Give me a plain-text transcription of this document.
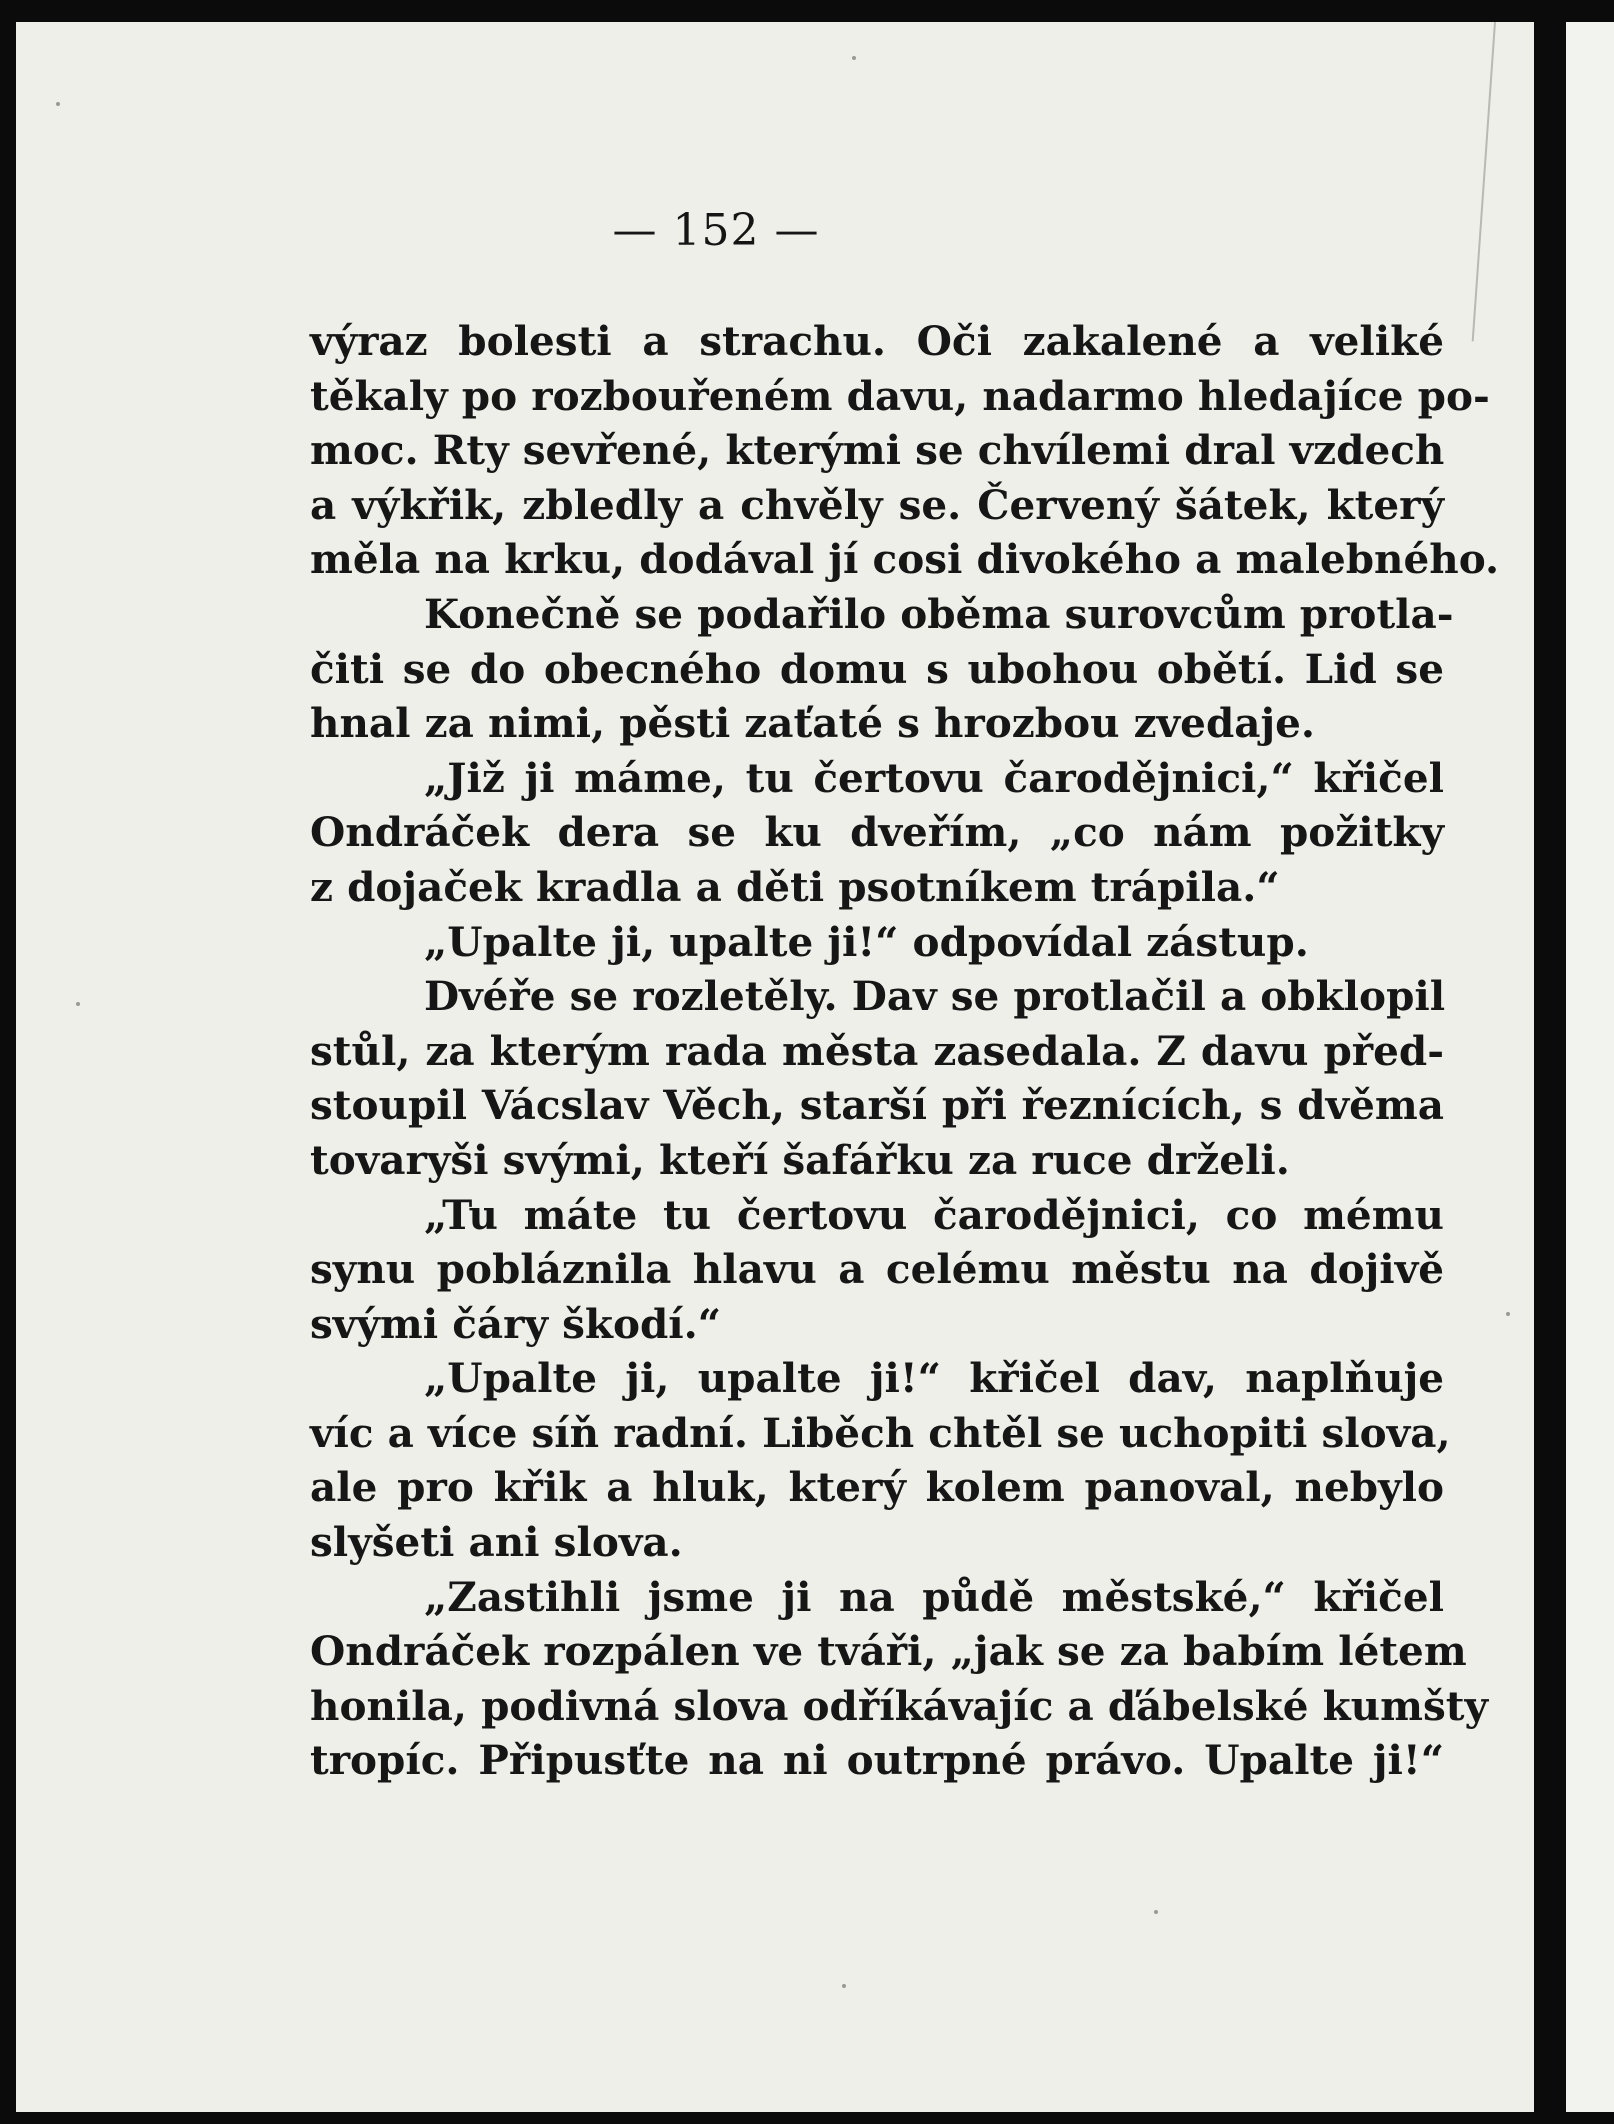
— 152 —
výraz bolesti a strachu. Oči zakalené a veliké
těkaly po rozbouřeném davu, nadarmo hledajíce po-
moc. Rty sevřené, kterými se chvílemi dral vzdech
a výkřik, zbledly a chvěly se. Červený šátek, který
měla na krku, dodával jí cosi divokého a malebného.
Konečně se podařilo oběma surovcům protla-
čiti se do obecného domu s ubohou obětí. Lid se
hnal za nimi, pěsti zaťaté s hrozbou zvedaje.
„Již ji máme, tu čertovu čarodějnici,“ křičel
Ondráček dera se ku dveřím, „co nám požitky
z dojaček kradla a děti psotníkem trápila.“
„Upalte ji, upalte ji!“ odpovídal zástup.
Dvéře se rozletěly. Dav se protlačil a obklopil
stůl, za kterým rada města zasedala. Z davu před-
stoupil Vácslav Věch, starší při řeznících, s dvěma
tovaryši svými, kteří šafářku za ruce drželi.
„Tu máte tu čertovu čarodějnici, co mému
synu pobláznila hlavu a celému městu na dojivě
svými čáry škodí.“
„Upalte ji, upalte ji!“ křičel dav, naplňuje
víc a více síň radní. Liběch chtěl se uchopiti slova,
ale pro křik a hluk, který kolem panoval, nebylo
slyšeti ani slova.
„Zastihli jsme ji na půdě městské,“ křičel
Ondráček rozpálen ve tváři, „jak se za babím létem
honila, podivná slova odříkávajíc a ďábelské kumšty
tropíc. Připusťte na ni outrpné právo. Upalte ji!“
